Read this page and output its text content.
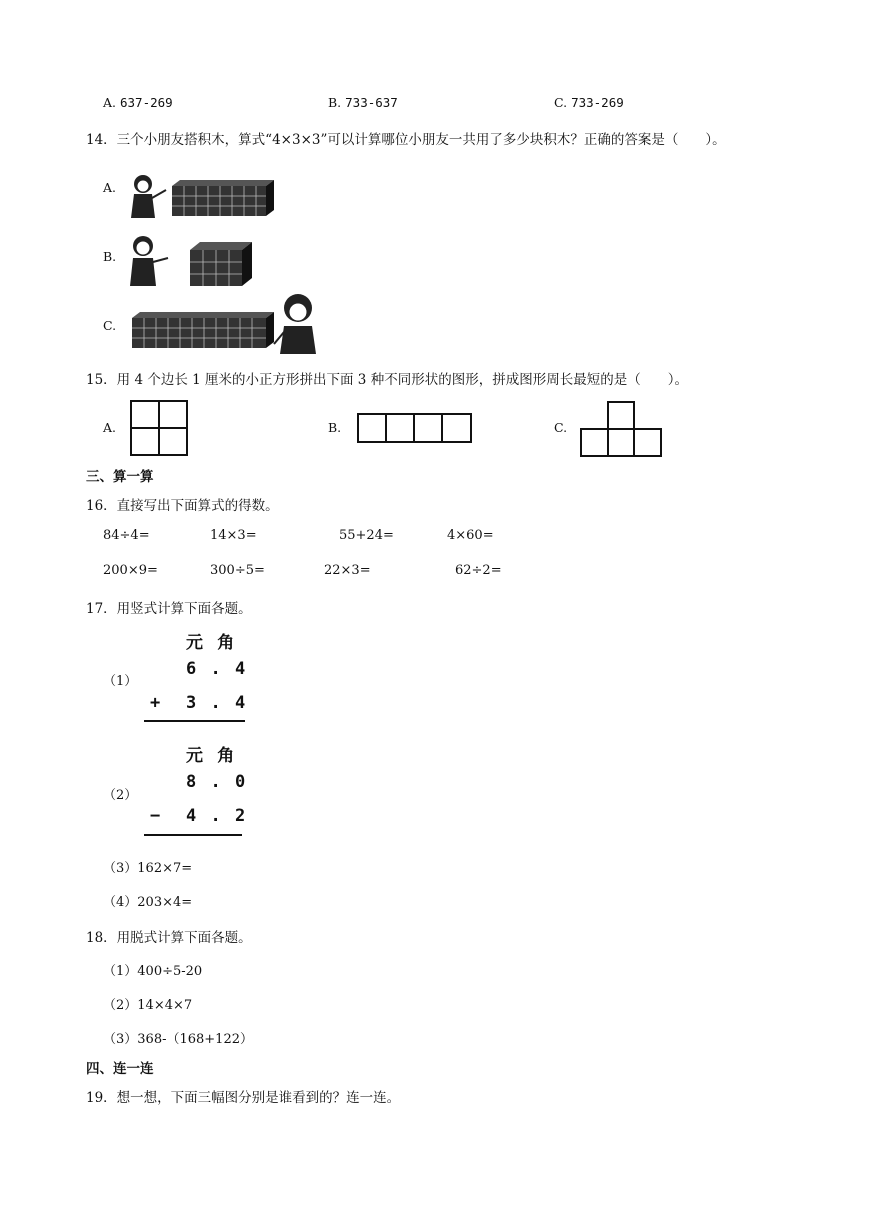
A. 637-269	B. 733-637	C. 733-269
14．三个小朋友搭积木，算式“4×3×3”可以计算哪位小朋友一共用了多少块积木？正确的答案是（　　）。
A.
B.
C.
15．用 4 个边长 1 厘米的小正方形拼出下面 3 种不同形状的图形，拼成图形周长最短的是（　　）。
A.	B.	C.
三、算一算
16．直接写出下面算式的得数。
84÷4=	14×3=	55+24=	4×60=
200×9=	300÷5=	22×3=	62÷2=
17．用竖式计算下面各题。
（1）
元 角
6 . 4
+ 3 . 4
（2）
元 角
8 . 0
− 4 . 2
（3）162×7=
（4）203×4=
18．用脱式计算下面各题。
（1）400÷5-20
（2）14×4×7
（3）368-（168+122）
四、连一连
19．想一想，下面三幅图分别是谁看到的？连一连。
